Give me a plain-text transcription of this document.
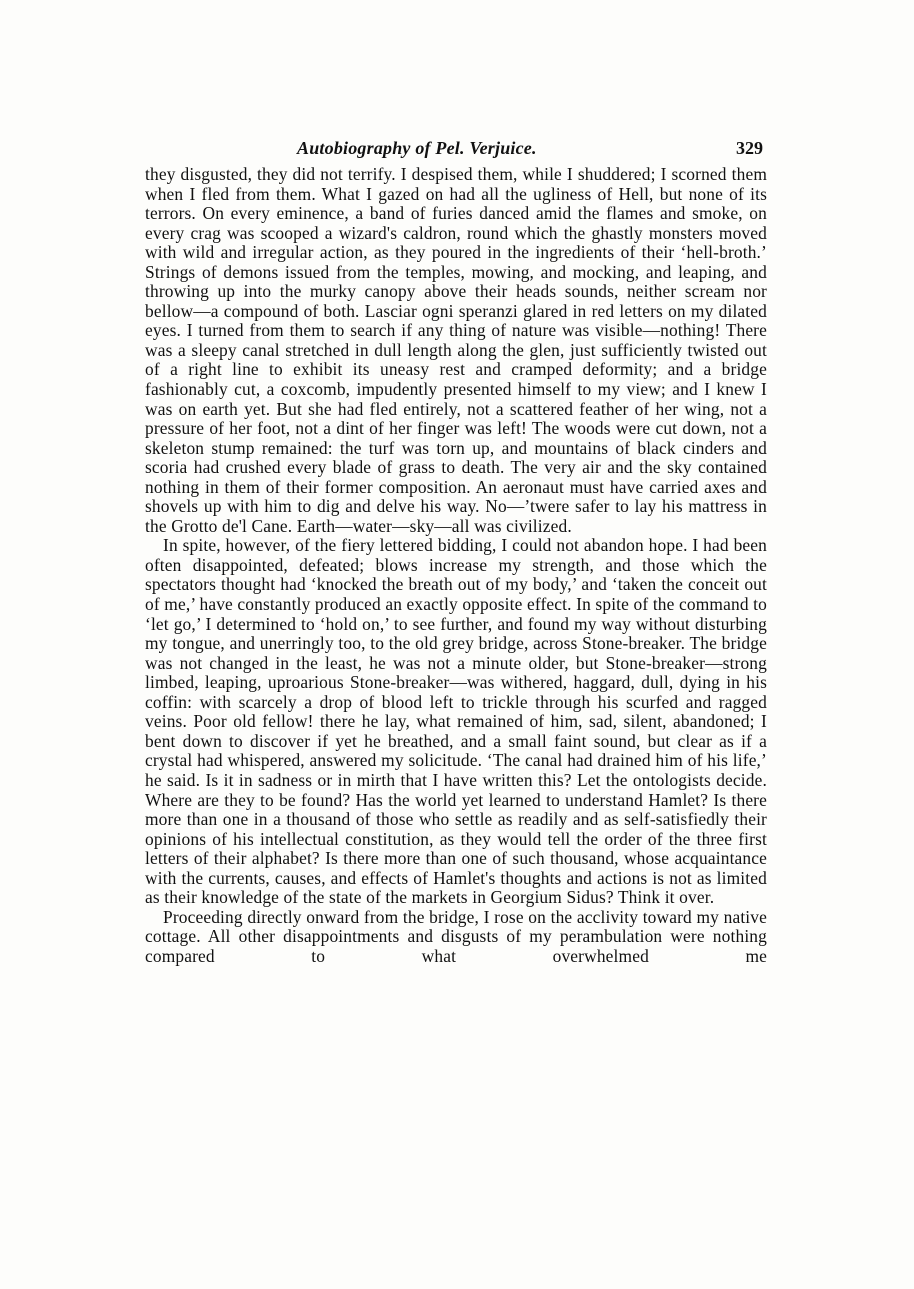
Autobiography of Pel. Verjuice.	329

they disgusted, they did not terrify. I despised them, while I shuddered; I scorned them when I fled from them. What I gazed on had all the ugliness of Hell, but none of its terrors. On every eminence, a band of furies danced amid the flames and smoke, on every crag was scooped a wizard's caldron, round which the ghastly monsters moved with wild and irregular action, as they poured in the ingredients of their ‘hell-broth.’ Strings of demons issued from the temples, mowing, and mocking, and leaping, and throwing up into the murky canopy above their heads sounds, neither scream nor bellow—a compound of both. Lasciar ogni speranzi glared in red letters on my dilated eyes. I turned from them to search if any thing of nature was visible—nothing! There was a sleepy canal stretched in dull length along the glen, just sufficiently twisted out of a right line to exhibit its uneasy rest and cramped deformity; and a bridge fashionably cut, a coxcomb, impudently presented himself to my view; and I knew I was on earth yet. But she had fled entirely, not a scattered feather of her wing, not a pressure of her foot, not a dint of her finger was left! The woods were cut down, not a skeleton stump remained: the turf was torn up, and mountains of black cinders and scoria had crushed every blade of grass to death. The very air and the sky contained nothing in them of their former composition. An aeronaut must have carried axes and shovels up with him to dig and delve his way. No—’twere safer to lay his mattress in the Grotto de'l Cane. Earth—water—sky—all was civilized.

In spite, however, of the fiery lettered bidding, I could not abandon hope. I had been often disappointed, defeated; blows increase my strength, and those which the spectators thought had ‘knocked the breath out of my body,’ and ‘taken the conceit out of me,’ have constantly produced an exactly opposite effect. In spite of the command to ‘let go,’ I determined to ‘hold on,’ to see further, and found my way without disturbing my tongue, and unerringly too, to the old grey bridge, across Stone-breaker. The bridge was not changed in the least, he was not a minute older, but Stone-breaker—strong limbed, leaping, uproarious Stone-breaker—was withered, haggard, dull, dying in his coffin: with scarcely a drop of blood left to trickle through his scurfed and ragged veins. Poor old fellow! there he lay, what remained of him, sad, silent, abandoned; I bent down to discover if yet he breathed, and a small faint sound, but clear as if a crystal had whispered, answered my solicitude. ‘The canal had drained him of his life,’ he said. Is it in sadness or in mirth that I have written this? Let the ontologists decide. Where are they to be found? Has the world yet learned to understand Hamlet? Is there more than one in a thousand of those who settle as readily and as self-satisfiedly their opinions of his intellectual constitution, as they would tell the order of the three first letters of their alphabet? Is there more than one of such thousand, whose acquaintance with the currents, causes, and effects of Hamlet's thoughts and actions is not as limited as their knowledge of the state of the markets in Georgium Sidus? Think it over.

Proceeding directly onward from the bridge, I rose on the acclivity toward my native cottage. All other disappointments and disgusts of my perambulation were nothing compared to what overwhelmed me
